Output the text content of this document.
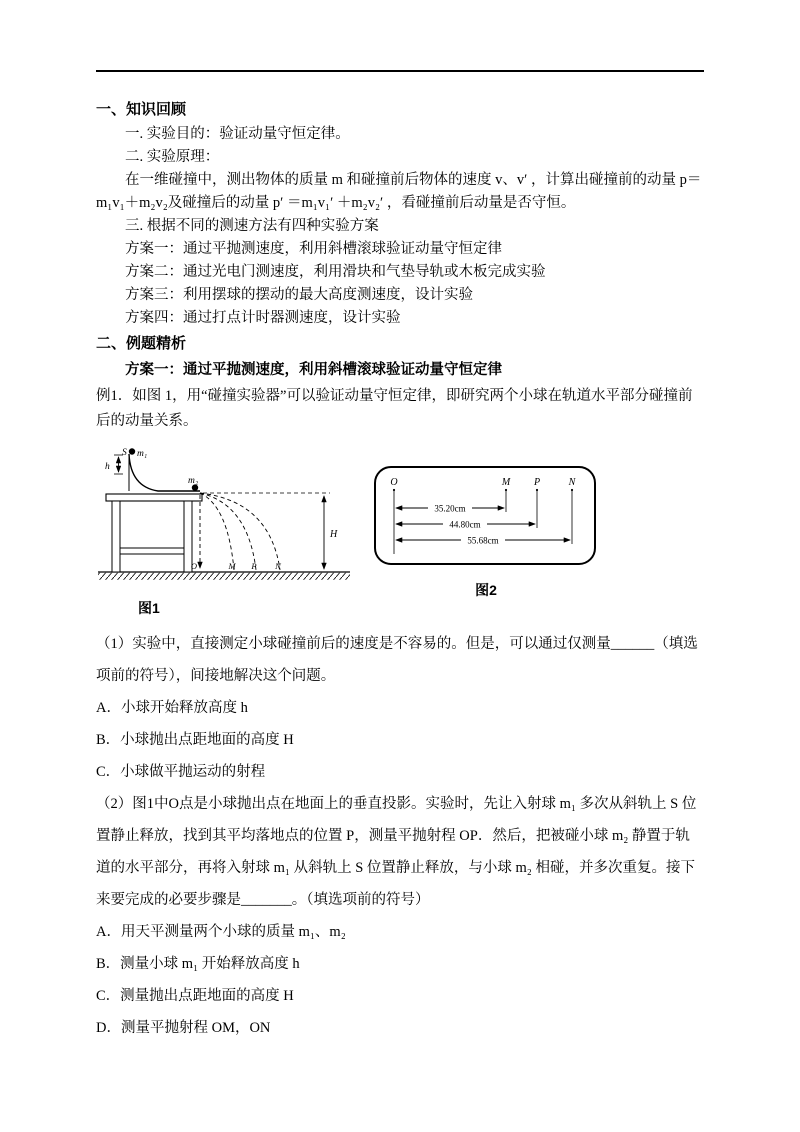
一、知识回顾
一. 实验目的：验证动量守恒定律。
二. 实验原理：
在一维碰撞中，测出物体的质量 m 和碰撞前后物体的速度 v、v′ ，计算出碰撞前的动量 p＝m₁v₁＋m₂v₂及碰撞后的动量 p′ ＝m₁v₁′ ＋m₂v₂′ ，看碰撞前后动量是否守恒。
三. 根据不同的测速方法有四种实验方案
方案一：通过平抛测速度，利用斜槽滚球验证动量守恒定律
方案二：通过光电门测速度，利用滑块和气垫导轨或木板完成实验
方案三：利用摆球的摆动的最大高度测速度，设计实验
方案四：通过打点计时器测速度，设计实验
二、例题精析
方案一：通过平抛测速度，利用斜槽滚球验证动量守恒定律
例1．如图 1，用“碰撞实验器”可以验证动量守恒定律，即研究两个小球在轨道水平部分碰撞前后的动量关系。
h
S m₁
m₂
H
O	M P N
图1
O	M P	N
35.20cm
44.80cm
55.68cm
图2
（1）实验中，直接测定小球碰撞前后的速度是不容易的。但是，可以通过仅测量______（填选项前的符号），间接地解决这个问题。
A．小球开始释放高度 h
B．小球抛出点距地面的高度 H
C．小球做平抛运动的射程
（2）图1中O点是小球抛出点在地面上的垂直投影。实验时，先让入射球 m₁ 多次从斜轨上 S 位置静止释放，找到其平均落地点的位置 P，测量平抛射程 OP．然后，把被碰小球 m₂ 静置于轨道的水平部分，再将入射球 m₁ 从斜轨上 S 位置静止释放，与小球 m₂ 相碰，并多次重复。接下来要完成的必要步骤是_______。（填选项前的符号）
A．用天平测量两个小球的质量 m₁、m₂
B．测量小球 m₁ 开始释放高度 h
C．测量抛出点距地面的高度 H
D．测量平抛射程 OM，ON
